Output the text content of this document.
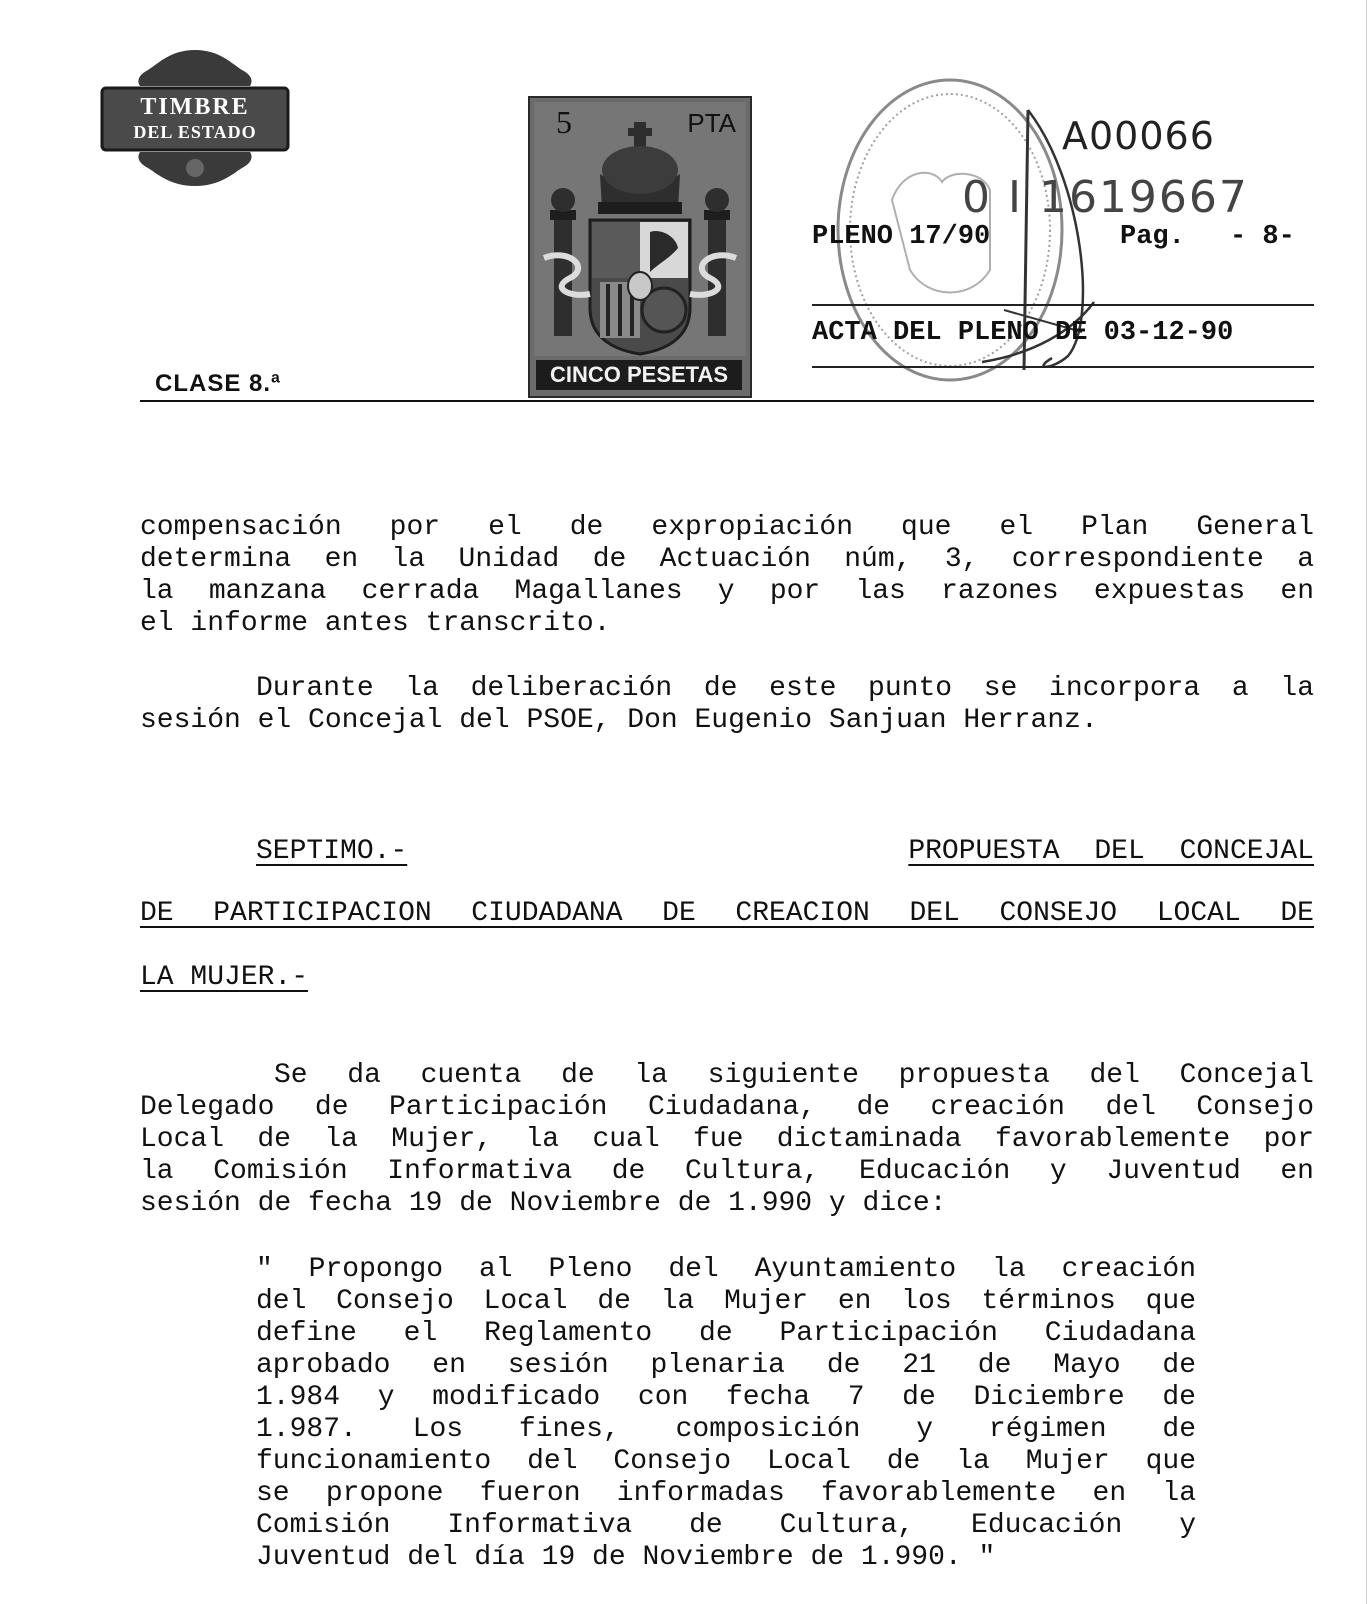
TIMBRE
DEL ESTADO
CLASE 8.ª
5	PTA
CINCO PESETAS
A00066
0 I 1619667
PLENO 17/90	Pag. - 8-
ACTA DEL PLENO DE 03-12-90
compensación por el de expropiación que el Plan General
determina en la Unidad de Actuación núm, 3, correspondiente a
la manzana cerrada Magallanes y por las razones expuestas en
el informe antes transcrito.
Durante la deliberación de este punto se incorpora a la
sesión el Concejal del PSOE, Don Eugenio Sanjuan Herranz.
SEPTIMO.-	PROPUESTA DEL CONCEJAL
DE PARTICIPACION CIUDADANA DE CREACION DEL CONSEJO LOCAL DE
LA MUJER.-
Se da cuenta de la siguiente propuesta del Concejal
Delegado de Participación Ciudadana, de creación del Consejo
Local de la Mujer, la cual fue dictaminada favorablemente por
la Comisión Informativa de Cultura, Educación y Juventud en
sesión de fecha 19 de Noviembre de 1.990 y dice:
" Propongo al Pleno del Ayuntamiento la creación
del Consejo Local de la Mujer en los términos que
define el Reglamento de Participación Ciudadana
aprobado en sesión plenaria de 21 de Mayo de
1.984 y modificado con fecha 7 de Diciembre de
1.987. Los fines, composición y régimen de
funcionamiento del Consejo Local de la Mujer que
se propone fueron informadas favorablemente en la
Comisión Informativa de Cultura, Educación y
Juventud del día 19 de Noviembre de 1.990. "
